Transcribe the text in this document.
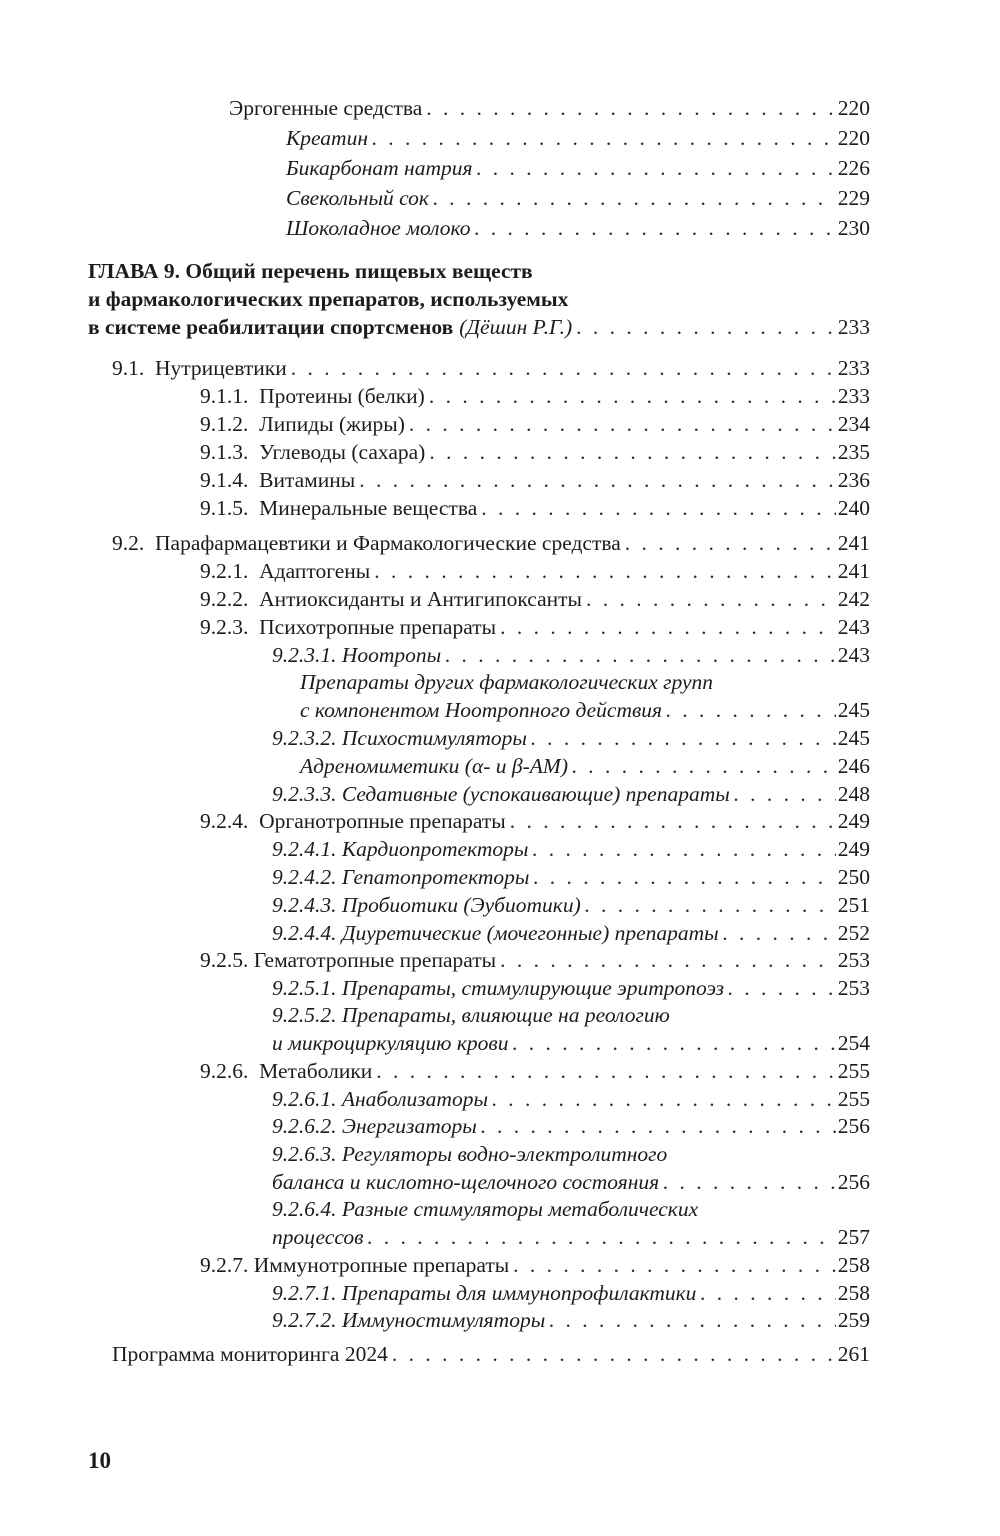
Эргогенные средства . . .	220
Креатин . . .	220
Бикарбонат натрия . . .	226
Свекольный сок . . .	229
Шоколадное молоко . . .	230
ГЛАВА 9. Общий перечень пищевых веществ
и фармакологических препаратов, используемых
в системе реабилитации спортсменов (Дёшин Р.Г.) . . .	233
9.1. Нутрицевтики . . .	233
9.1.1. Протеины (белки) . . .	233
9.1.2. Липиды (жиры) . . .	234
9.1.3. Углеводы (сахара) . . .	235
9.1.4. Витамины . . .	236
9.1.5. Минеральные вещества . . .	240
9.2. Парафармацевтики и Фармакологические средства . . .	241
9.2.1. Адаптогены . . .	241
9.2.2. Антиоксиданты и Антигипоксанты . . .	242
9.2.3. Психотропные препараты . . .	243
9.2.3.1. Ноотропы . . .	243
Препараты других фармакологических групп
с компонентом Ноотропного действия . . .	245
9.2.3.2. Психостимуляторы . . .	245
Адреномиметики (α- и β-АМ) . . .	246
9.2.3.3. Седативные (успокаивающие) препараты . . .	248
9.2.4. Органотропные препараты . . .	249
9.2.4.1. Кардиопротекторы . . .	249
9.2.4.2. Гепатопротекторы . . .	250
9.2.4.3. Пробиотики (Эубиотики) . . .	251
9.2.4.4. Диуретические (мочегонные) препараты . . .	252
9.2.5. Гематотропные препараты . . .	253
9.2.5.1. Препараты, стимулирующие эритропоэз . . .	253
9.2.5.2. Препараты, влияющие на реологию
и микроциркуляцию крови . . .	254
9.2.6. Метаболики . . .	255
9.2.6.1. Анаболизаторы . . .	255
9.2.6.2. Энергизаторы . . .	256
9.2.6.3. Регуляторы водно-электролитного
баланса и кислотно-щелочного состояния . . .	256
9.2.6.4. Разные стимуляторы метаболических
процессов . . .	257
9.2.7. Иммунотропные препараты . . .	258
9.2.7.1. Препараты для иммунопрофилактики . . .	258
9.2.7.2. Иммуностимуляторы . . .	259
Программа мониторинга 2024 . . .	261
10
